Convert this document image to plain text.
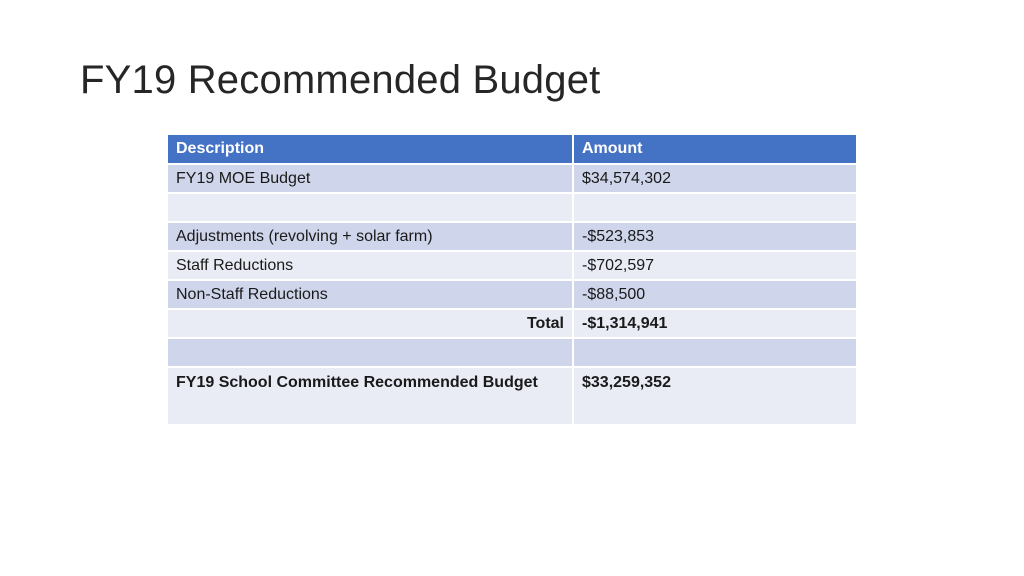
FY19 Recommended Budget
Description	Amount
FY19 MOE Budget	$34,574,302

Adjustments (revolving + solar farm)	-$523,853
Staff Reductions	-$702,597
Non-Staff Reductions	-$88,500
Total	-$1,314,941

FY19 School Committee Recommended Budget	$33,259,352
